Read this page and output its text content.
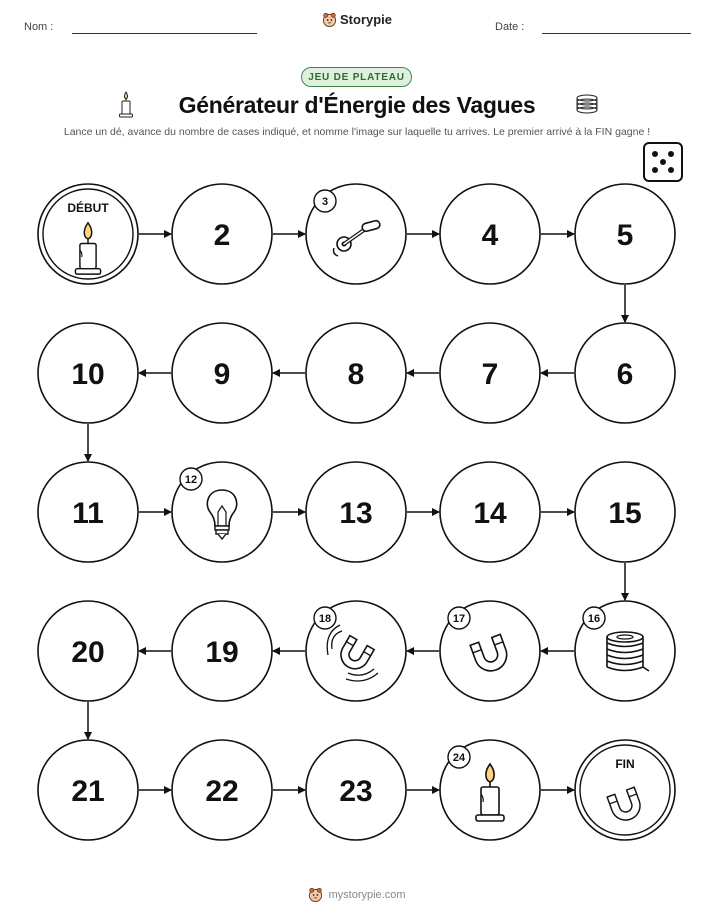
Nom :	Storypie	Date :
JEU DE PLATEAU
Générateur d'Énergie des Vagues
Lance un dé, avance du nombre de cases indiqué, et nomme l'image sur laquelle tu arrives. Le premier arrivé à la FIN gagne !
DÉBUT
2
3
4	5
6
7
8
9
10
11
12
13	14	15
16
17
18
19
20
21	22	23
24	FIN
mystorypie.com
